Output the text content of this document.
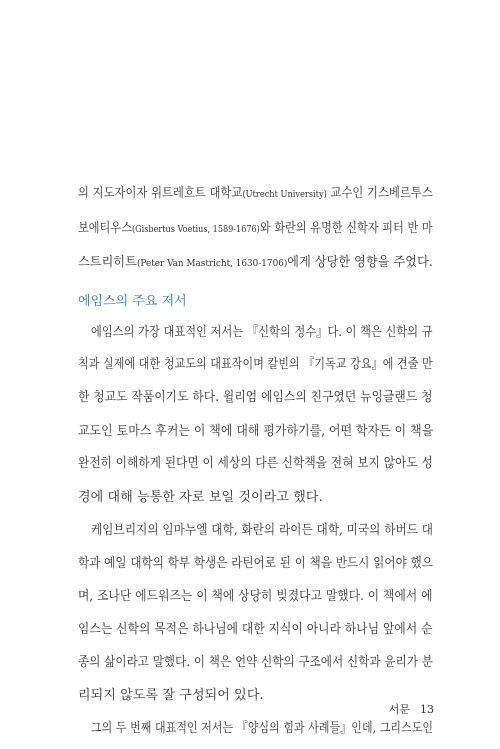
의 지도자이자 위트레흐트 대학교(Utrecht University) 교수인 기스베르투스
보에티우스(Gisbertus Voetius, 1589-1676)와 화란의 유명한 신학자 피터 반 마
스트리히트(Peter Van Mastricht, 1630-1706)에게 상당한 영향을 주었다.
에임스의 주요 저서
에임스의 가장 대표적인 저서는 『신학의 정수』다. 이 책은 신학의 규
칙과 실제에 대한 청교도의 대표작이며 칼빈의 『기독교 강요』에 견줄 만
한 청교도 작품이기도 하다. 윌리엄 에임스의 친구였던 뉴잉글랜드 청
교도인 토마스 후커는 이 책에 대해 평가하기를, 어떤 학자든 이 책을
완전히 이해하게 된다면 이 세상의 다른 신학책을 전혀 보지 않아도 성
경에 대해 능통한 자로 보일 것이라고 했다.
케임브리지의 임마누엘 대학, 화란의 라이든 대학, 미국의 하버드 대
학과 예일 대학의 학부 학생은 라틴어로 된 이 책을 반드시 읽어야 했으
며, 조나단 에드워즈는 이 책에 상당히 빚졌다고 말했다. 이 책에서 에
임스는 신학의 목적은 하나님에 대한 지식이 아니라 하나님 앞에서 순
종의 삶이라고 말했다. 이 책은 언약 신학의 구조에서 신학과 윤리가 분
리되지 않도록 잘 구성되어 있다.
그의 두 번째 대표적인 저서는 『양심의 힘과 사례들』인데, 그리스도인
서문 13
